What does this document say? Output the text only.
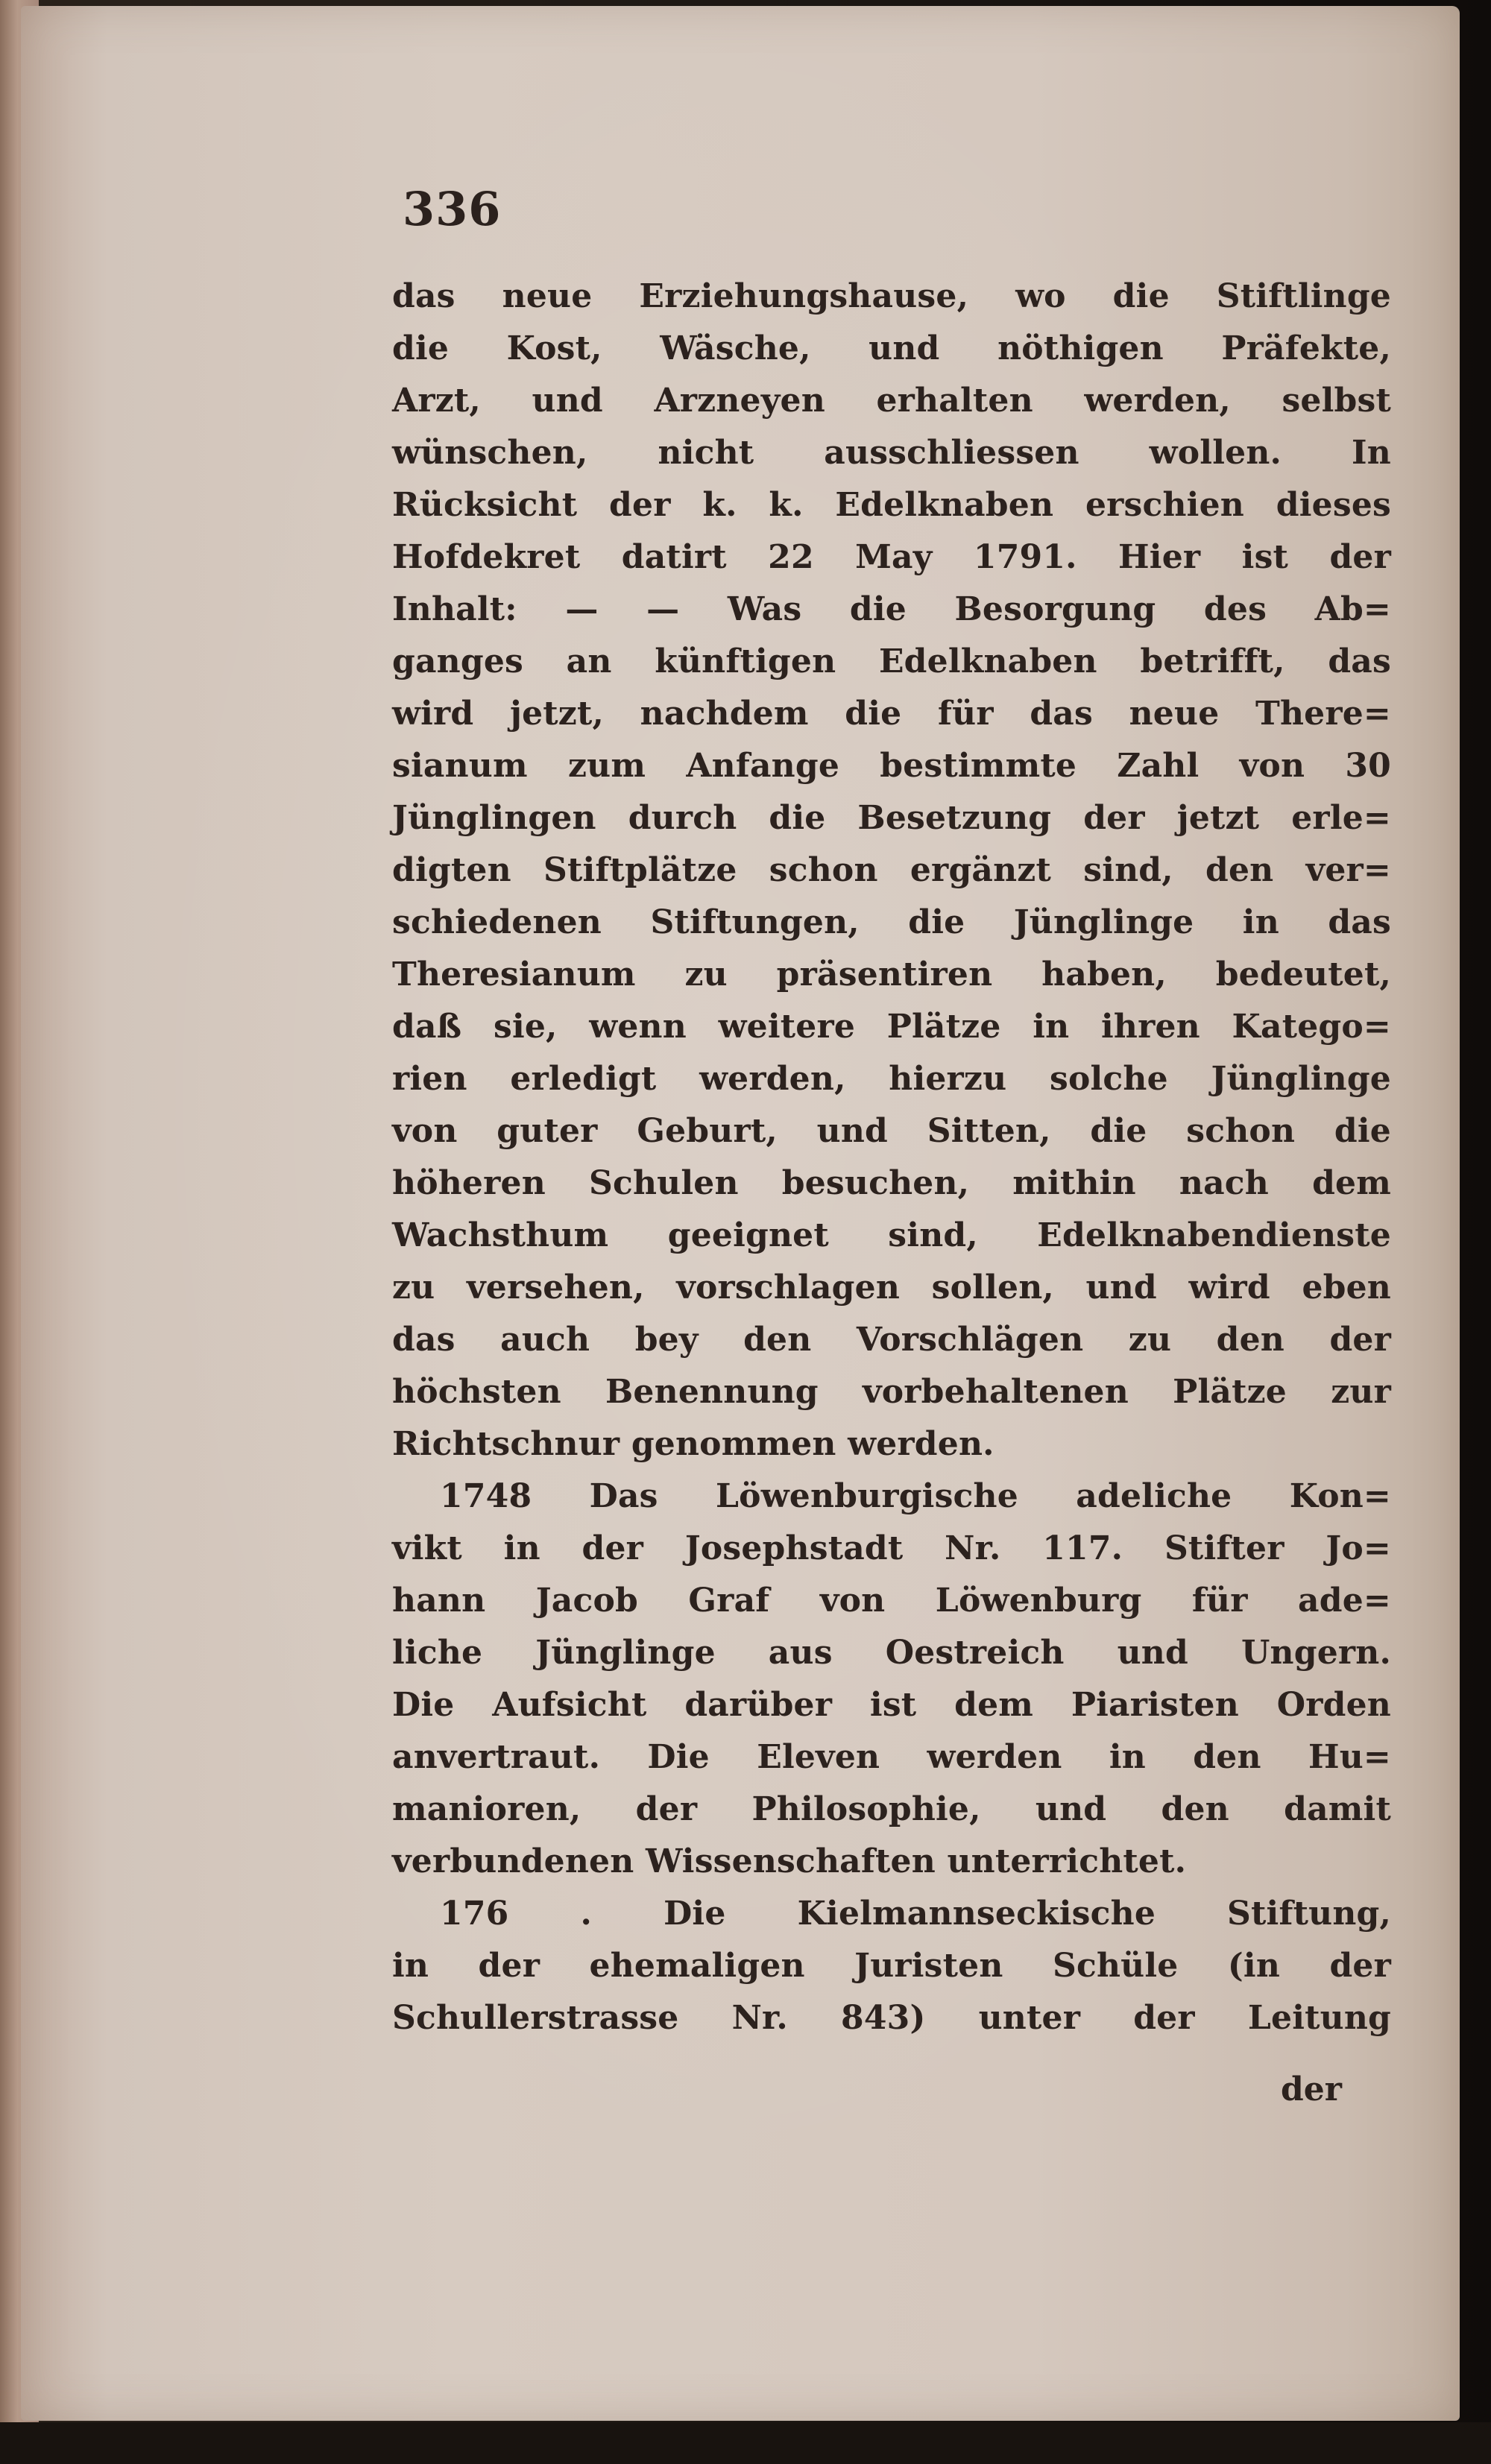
336
das neue Erziehungshause, wo die Stiftlinge
die Kost, Wäsche, und nöthigen Präfekte,
Arzt, und Arzneyen erhalten werden, selbst
wünschen, nicht ausschliessen wollen. In
Rücksicht der k. k. Edelknaben erschien dieses
Hofdekret datirt 22 May 1791. Hier ist der
Inhalt: — — Was die Besorgung des Ab=
ganges an künftigen Edelknaben betrifft, das
wird jetzt, nachdem die für das neue There=
sianum zum Anfange bestimmte Zahl von 30
Jünglingen durch die Besetzung der jetzt erle=
digten Stiftplätze schon ergänzt sind, den ver=
schiedenen Stiftungen, die Jünglinge in das
Theresianum zu präsentiren haben, bedeutet,
daß sie, wenn weitere Plätze in ihren Katego=
rien erledigt werden, hierzu solche Jünglinge
von guter Geburt, und Sitten, die schon die
höheren Schulen besuchen, mithin nach dem
Wachsthum geeignet sind, Edelknabendienste
zu versehen, vorschlagen sollen, und wird eben
das auch bey den Vorschlägen zu den der
höchsten Benennung vorbehaltenen Plätze zur
Richtschnur genommen werden.
1748 Das Löwenburgische adeliche Kon=
vikt in der Josephstadt Nr. 117. Stifter Jo=
hann Jacob Graf von Löwenburg für ade=
liche Jünglinge aus Oestreich und Ungern.
Die Aufsicht darüber ist dem Piaristen Orden
anvertraut. Die Eleven werden in den Hu=
manioren, der Philosophie, und den damit
verbundenen Wissenschaften unterrichtet.
176 . Die Kielmannseckische Stiftung,
in der ehemaligen Juristen Schüle (in der
Schullerstrasse Nr. 843) unter der Leitung
der
